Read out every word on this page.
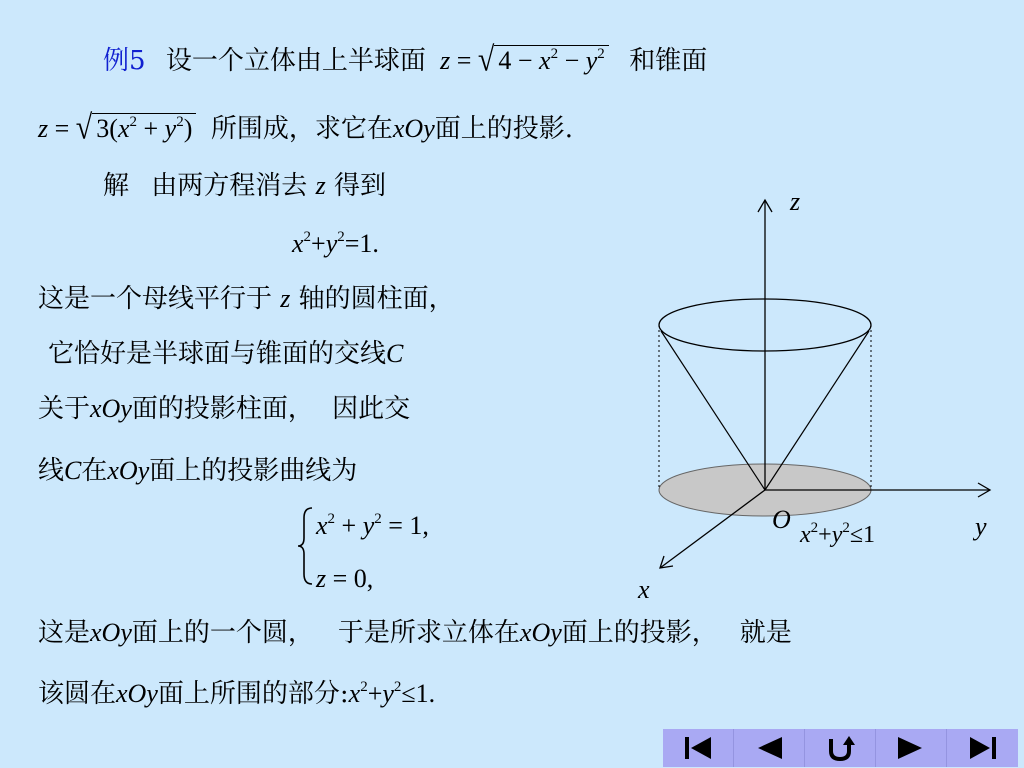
例5 设一个立体由上半球面 z = √ $4 - x^2 - y^2$ 和锥面
z = √ $3(x^2 + y^2)$ 所围成，求它在xOy面上的投影.
解 由两方程消去 z 得到
$x^2+y^2=1$.
这是一个母线平行于 z 轴的圆柱面，
它恰好是半球面与锥面的交线C
关于xOy面的投影柱面， 因此交
线C在xOy面上的投影曲线为
$x^2 + y^2 = 1$,
z = 0,
这是xOy面上的一个圆， 于是所求立体在xOy面上的投影， 就是
该圆在xOy面上所围的部分$:x^2+y^2\le 1$.
z
y
x
O
$x^2+y^2\le 1$
